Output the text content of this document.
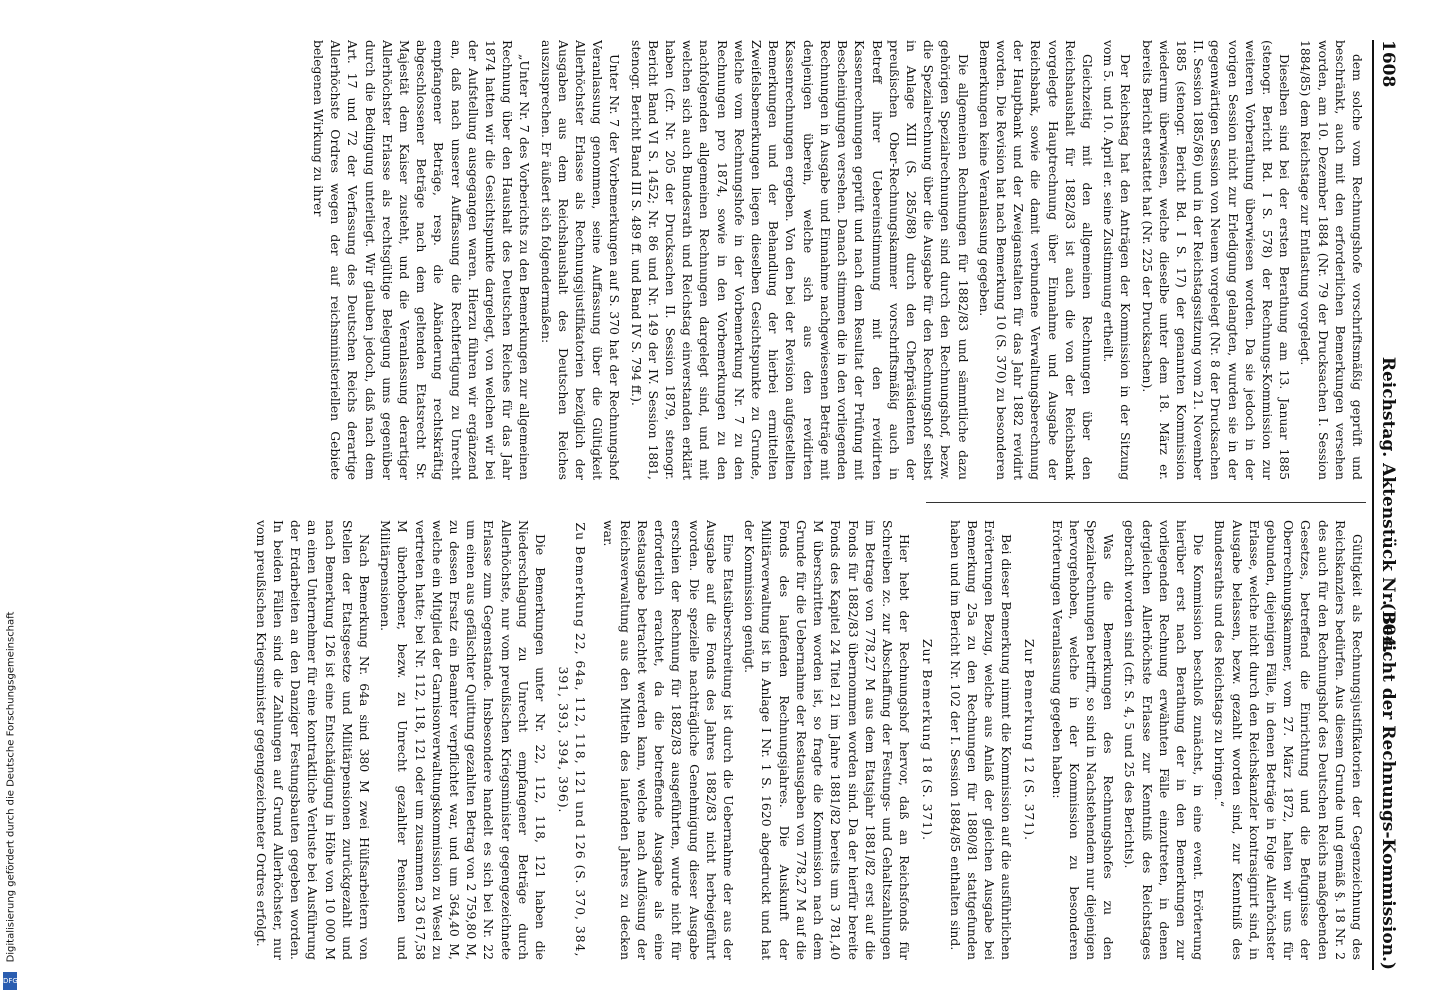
1608
Reichstag. Aktenstück Nr. 304.
(Bericht der Rechnungs-Kommission.)

dem solche vom Rechnungshofe vorschriftsmäßig geprüft und beschränkt, auch mit den erforderlichen Bemerkungen versehen worden, am 10. Dezember 1884 (Nr. 79 der Drucksachen I. Session 1884/85) dem Reichstage zur Entlastung vorgelegt.

Dieselben sind bei der ersten Berathung am 13. Januar 1885 (stenogr. Bericht Bd. I S. 578) der Rechnungs-Kommission zur weiteren Vorberathung überwiesen worden. Da sie jedoch in der vorigen Session nicht zur Erledigung gelangten, wurden sie in der gegenwärtigen Session von Neuem vorgelegt (Nr. 8 der Drucksachen II. Session 1885/86) und in der Reichstagssitzung vom 21. November 1885 (stenogr. Bericht Bd. I S. 17) der genannten Kommission wiederum überwiesen, welche dieselbe unter dem 18. März er. bereits Bericht erstattet hat (Nr. 225 der Drucksachen).

Der Reichstag hat den Anträgen der Kommission in der Sitzung vom 5. und 10. April er. seine Zustimmung ertheilt.

Gleichzeitig mit den allgemeinen Rechnungen über den Reichshaushalt für 1882/83 ist auch die von der Reichsbank vorgelegte Hauptrechnung über Einnahme und Ausgabe der Reichsbank, sowie die damit verbundene Verwaltungsberechnung der Hauptbank und der Zweiganstalten für das Jahr 1882 revidirt worden. Die Revision hat nach Bemerkung 10 (S. 370) zu besonderen Bemerkungen keine Veranlassung gegeben.

Die allgemeinen Rechnungen für 1882/83 und sämmtliche dazu gehörigen Spezialrechnungen sind durch den Rechnungshof, bezw. die Spezialrechnung über die Ausgabe für den Rechnungshof selbst in Anlage XIII (S. 285/88) durch den Chefpräsidenten der preußischen Ober-Rechnungskammer vorschriftsmäßig auch in Betreff ihrer Uebereinstimmung mit den revidirten Kassenrechnungen geprüft und nach dem Resultat der Prüfung mit Bescheinigungen versehen. Danach stimmen die in den vorliegenden Rechnungen in Ausgabe und Einnahme nachgewiesenen Beträge mit denjenigen überein, welche sich aus den revidirten Kassenrechnungen ergeben. Von den bei der Revision aufgestellten Bemerkungen und der Behandlung der hierbei ermittelten Zweifelsbemerkungen liegen dieselben Gesichtspunkte zu Grunde, welche vom Rechnungshofe in der Vorbemerkung Nr. 7 zu den Rechnungen pro 1874, sowie in den Vorbemerkungen zu den nachfolgenden allgemeinen Rechnungen dargelegt sind, und mit welchen sich auch Bundesrath und Reichstag einverstanden erklärt haben (cfr. Nr. 205 der Drucksachen II. Session 1879, stenogr. Bericht Band VI S. 1452; Nr. 86 und Nr. 149 der IV. Session 1881, stenogr. Bericht Band III S. 489 ff. und Band IV S. 794 ff.).

Unter Nr. 7 der Vorbemerkungen auf S. 370 hat der Rechnungshof Veranlassung genommen, seine Auffassung über die Gültigkeit Allerhöchster Erlasse als Rechnungsjustifikatorien bezüglich der Ausgaben aus dem Reichshaushalt des Deutschen Reiches auszusprechen. Er äußert sich folgendermaßen:

„Unter Nr. 7 des Vorberichts zu den Bemerkungen zur allgemeinen Rechnung über den Haushalt des Deutschen Reiches für das Jahr 1874 hatten wir die Gesichtspunkte dargelegt, von welchen wir bei der Aufstellung ausgegangen waren. Hierzu führen wir ergänzend an, daß nach unserer Auffassung die Rechtfertigung zu Unrecht empfangener Beträge, resp. die Abänderung rechtskräftig abgeschlossener Beträge nach dem geltenden Etatsrecht Sr. Majestät dem Kaiser zusteht, und die Veranlassung derartiger Allerhöchster Erlasse als rechtsgültige Belegung ums gegenüber durch die Bedingung unterliegt. Wir glauben jedoch, daß nach dem Art. 17 und 72 der Verfassung des Deutschen Reichs derartige Allerhöchste Ordres wegen der auf reichsministeriellen Gebiete belegenen Wirkung zu ihrer

Gültigkeit als Rechnungsjustifikatorien der Gegenzeichnung des Reichskanzlers bedürfen. Aus diesem Grunde und gemäß §. 18 Nr. 2 des auch für den Rechnungshof des Deutschen Reichs maßgebenden Gesetzes, betreffend die Einrichtung und die Befugnisse der Oberrechnungskammer, vom 27. März 1872, halten wir uns für gebunden, diejenigen Fälle, in denen Beträge in Folge Allerhöchster Erlasse, welche nicht durch den Reichskanzler kontrasignirt sind, in Ausgabe belassen, bezw. gezahlt worden sind, zur Kenntniß des Bundesraths und des Reichstags zu bringen.“

Die Kommission beschloß zunächst, in eine event. Erörterung hierüber erst nach Berathung der in den Bemerkungen zur vorliegenden Rechnung erwähnten Fälle einzutreten, in denen dergleichen Allerhöchste Erlasse zur Kenntniß des Reichstages gebracht worden sind (cfr. S. 4, 5 und 25 des Berichts).

Was die Bemerkungen des Rechnungshofes zu den Spezialrechnungen betrifft, so sind in Nachstehendem nur diejenigen hervorgehoben, welche in der Kommission zu besonderen Erörterungen Veranlassung gegeben haben:

Zur Bemerkung 12 (S. 371).

Bei dieser Bemerkung nimmt die Kommission auf die ausführlichen Erörterungen Bezug, welche aus Anlaß der gleichen Ausgabe bei Bemerkung 25a zu den Rechnungen für 1880/81 stattgefunden haben und im Bericht Nr. 102 der I. Session 1884/85 enthalten sind.

Zur Bemerkung 18 (S. 371).

Hier hebt der Rechnungshof hervor, daß an Reichsfonds für Schreiben zc. zur Abschaffung der Festungs- und Gehaltszahlungen im Betrage von 778,27 M aus dem Etatsjahr 1881/82 erst auf die Fonds für 1882/83 übernommen worden sind. Da der hierfür bereite Fonds des Kapitel 24 Titel 21 im Jahre 1881/82 bereits um 3 781,40 M überschritten worden ist, so fragte die Kommission nach dem Grunde für die Uebernahme der Restausgaben von 778,27 M auf die Fonds des laufenden Rechnungsjahres. Die Auskunft der Militärverwaltung ist in Anlage I Nr. 1 S. 1620 abgedruckt und hat der Kommission genügt.

Eine Etatsüberschreitung ist durch die Uebernahme der aus der Ausgabe auf die Fonds des Jahres 1882/83 nicht herbeigeführt worden. Die spezielle nachträgliche Genehmigung dieser Ausgabe erschien der Rechnung für 1882/83 ausgeführten, wurde nicht für erforderlich erachtet, da die betreffende Ausgabe als eine Restausgabe betrachtet werden kann, welche nach Auflösung der Reichsverwaltung aus den Mitteln des laufenden Jahres zu decken war.

Zu Bemerkung 22, 64a, 112, 118, 121 und 126 (S. 370, 384, 391, 393, 394, 396).

Die Bemerkungen unter Nr. 22, 112, 118, 121 haben die Niederschlagung zu Unrecht empfangener Beträge durch Allerhöchste, nur vom preußischen Kriegsminister gegengezeichnete Erlasse zum Gegenstande. Insbesondere handelt es sich bei Nr. 22 um einen aus gefälschter Quittung gezahlten Betrag von 2 759,80 M, zu dessen Ersatz ein Beamter verpflichtet war, und um 364,40 M, welche ein Mitglied der Garnisonverwaltungskommission zu Wesel zu vertreten hatte; bei Nr. 112, 118, 121 oder um zusammen 23 617,58 M überhobener, bezw. zu Unrecht gezahlter Pensionen und Militärpensionen.

Nach Bemerkung Nr. 64a sind 380 M zwei Hülfsarbeitern von Stellen der Etatsgesetze und Militärpensionen zurückgezahlt und nach Bemerkung 126 ist eine Entschädigung in Höhe von 10 000 M an einen Unternehmer für eine kontraktliche Verluste bei Ausführung der Erdarbeiten an den Danziger Festungsbauten gegeben worden. In beiden Fällen sind die Zahlungen auf Grund Allerhöchster, nur vom preußischen Kriegsminister gegengezeichneter Ordres erfolgt.

Digitalisierung gefördert durch die Deutsche Forschungsgemeinschaft
DFG
